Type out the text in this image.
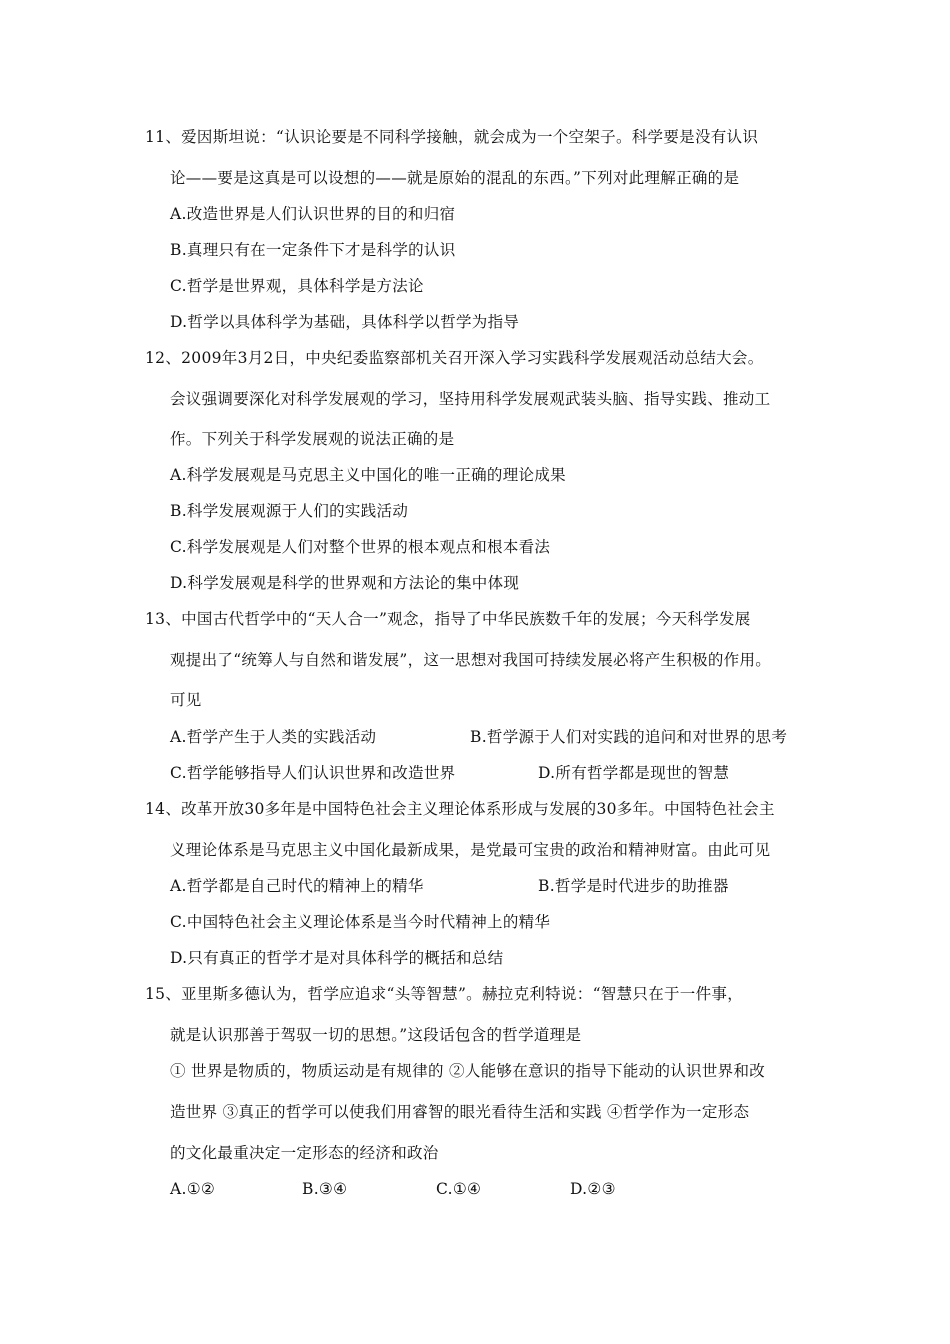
11、爱因斯坦说：“认识论要是不同科学接触，就会成为一个空架子。科学要是没有认识
论——要是这真是可以设想的——就是原始的混乱的东西。”下列对此理解正确的是
A.改造世界是人们认识世界的目的和归宿
B.真理只有在一定条件下才是科学的认识
C.哲学是世界观，具体科学是方法论
D.哲学以具体科学为基础，具体科学以哲学为指导
12、2009年3月2日，中央纪委监察部机关召开深入学习实践科学发展观活动总结大会。
会议强调要深化对科学发展观的学习，坚持用科学发展观武装头脑、指导实践、推动工
作。下列关于科学发展观的说法正确的是
A.科学发展观是马克思主义中国化的唯一正确的理论成果
B.科学发展观源于人们的实践活动
C.科学发展观是人们对整个世界的根本观点和根本看法
D.科学发展观是科学的世界观和方法论的集中体现
13、中国古代哲学中的“天人合一”观念，指导了中华民族数千年的发展；今天科学发展
观提出了“统筹人与自然和谐发展”，这一思想对我国可持续发展必将产生积极的作用。
可见
A.哲学产生于人类的实践活动	B.哲学源于人们对实践的追问和对世界的思考
C.哲学能够指导人们认识世界和改造世界	D.所有哲学都是现世的智慧
14、改革开放30多年是中国特色社会主义理论体系形成与发展的30多年。中国特色社会主
义理论体系是马克思主义中国化最新成果，是党最可宝贵的政治和精神财富。由此可见
A.哲学都是自己时代的精神上的精华	B.哲学是时代进步的助推器
C.中国特色社会主义理论体系是当今时代精神上的精华
D.只有真正的哲学才是对具体科学的概括和总结
15、亚里斯多德认为，哲学应追求“头等智慧”。赫拉克利特说：“智慧只在于一件事，
就是认识那善于驾驭一切的思想。”这段话包含的哲学道理是
① 世界是物质的，物质运动是有规律的 ②人能够在意识的指导下能动的认识世界和改
造世界 ③真正的哲学可以使我们用睿智的眼光看待生活和实践 ④哲学作为一定形态
的文化最重决定一定形态的经济和政治
A.①②	B.③④	C.①④	D.②③
